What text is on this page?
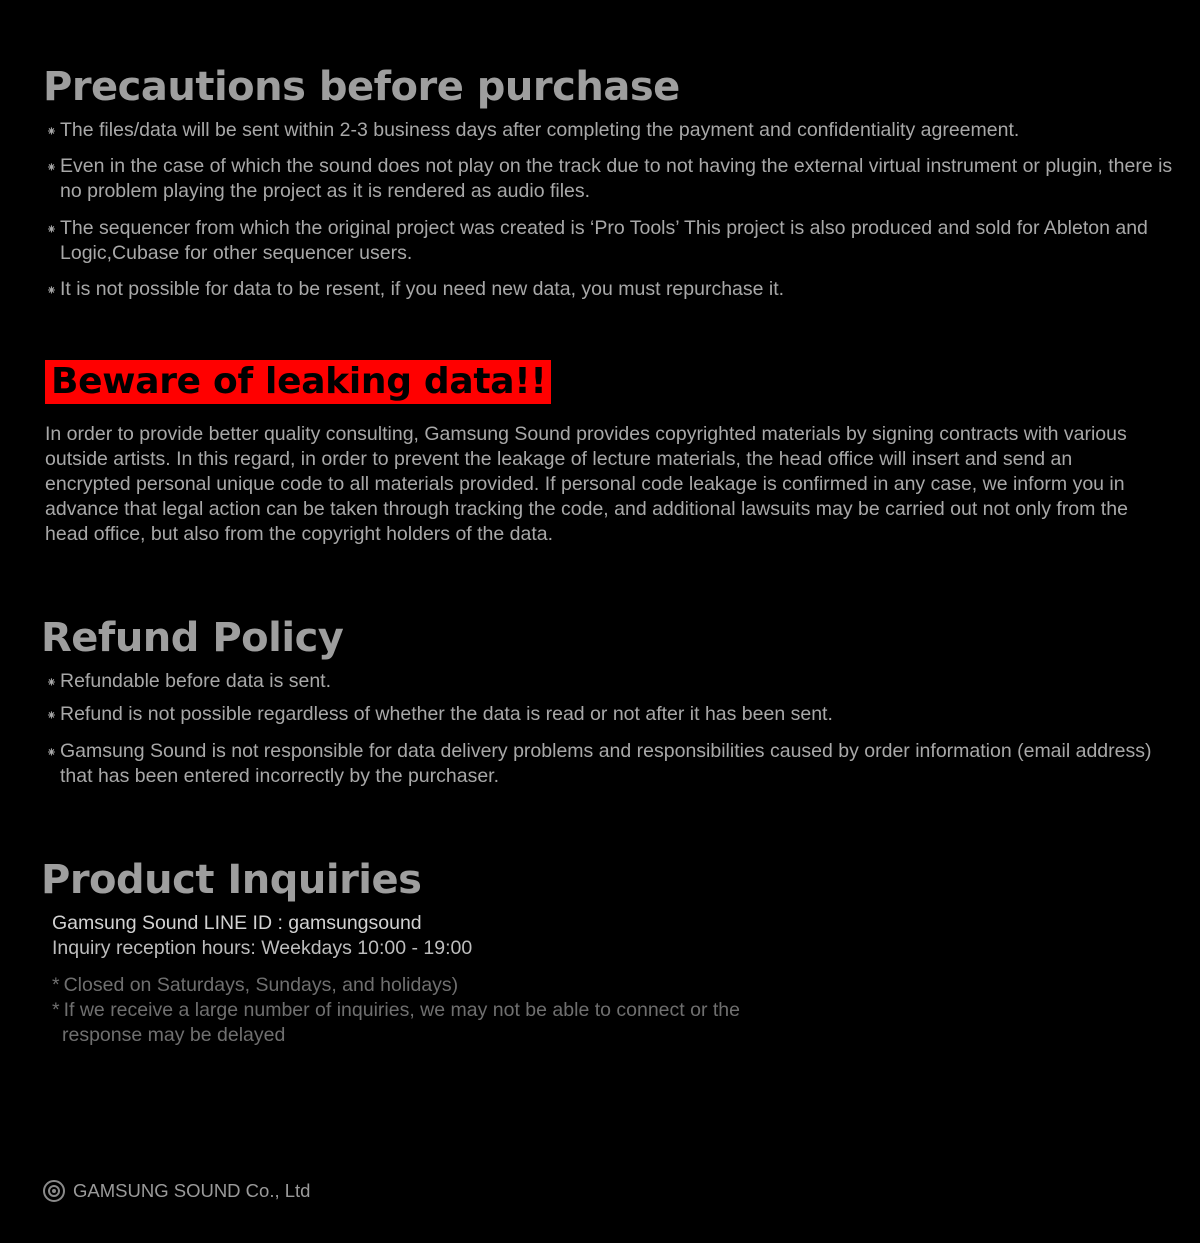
Precautions before purchase
⁕ The files/data will be sent within 2-3 business days after completing the payment and confidentiality agreement.
⁕ Even in the case of which the sound does not play on the track due to not having the external virtual instrument or plugin, there is no problem playing the project as it is rendered as audio files.
⁕ The sequencer from which the original project was created is ‘Pro Tools’ This project is also produced and sold for Ableton and Logic,Cubase for other sequencer users.
⁕ It is not possible for data to be resent, if you need new data, you must repurchase it.
Beware of leaking data!!

In order to provide better quality consulting, Gamsung Sound provides copyrighted materials by signing contracts with various outside artists. In this regard, in order to prevent the leakage of lecture materials, the head office will insert and send an encrypted personal unique code to all materials provided. If personal code leakage is confirmed in any case, we inform you in advance that legal action can be taken through tracking the code, and additional lawsuits may be carried out not only from the head office, but also from the copyright holders of the data.

Refund Policy
⁕ Refundable before data is sent.
⁕ Refund is not possible regardless of whether the data is read or not after it has been sent.
⁕ Gamsung Sound is not responsible for data delivery problems and responsibilities caused by order information (email address) that has been entered incorrectly by the purchaser.
Product Inquiries
Gamsung Sound LINE ID : gamsungsound
Inquiry reception hours: Weekdays 10:00 - 19:00
* Closed on Saturdays, Sundays, and holidays)
* If we receive a large number of inquiries, we may not be able to connect or the response may be delayed
GAMSUNG SOUND Co., Ltd
